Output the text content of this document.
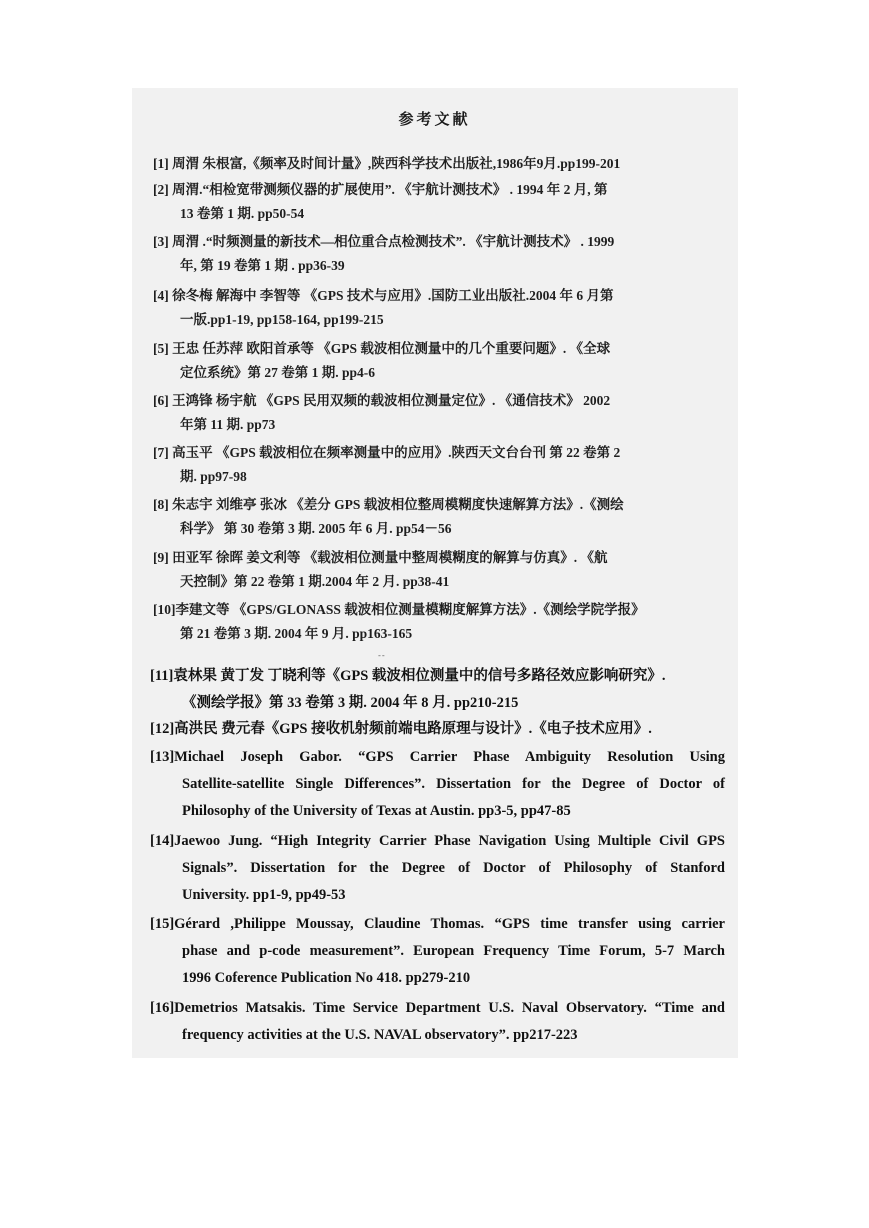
参考文献
[1] 周渭 朱根富,《频率及时间计量》,陕西科学技术出版社,1986年9月.pp199-201
[2] 周渭.“相检宽带测频仪器的扩展使用”. 《宇航计测技术》 . 1994 年 2 月, 第
13 卷第 1 期. pp50-54
[3] 周渭 .“时频测量的新技术—相位重合点检测技术”. 《宇航计测技术》 . 1999
年, 第 19 卷第 1 期 . pp36-39
[4] 徐冬梅 解海中 李智等 《GPS 技术与应用》.国防工业出版社.2004 年 6 月第
一版.pp1-19, pp158-164, pp199-215
[5] 王忠 任苏萍 欧阳首承等 《GPS 载波相位测量中的几个重要问题》. 《全球
定位系统》第 27 卷第 1 期. pp4-6
[6] 王鸿锋 杨宇航 《GPS 民用双频的载波相位测量定位》. 《通信技术》 2002
年第 11 期. pp73
[7] 高玉平 《GPS 载波相位在频率测量中的应用》.陕西天文台台刊 第 22 卷第 2
期. pp97-98
[8] 朱志宇 刘维亭 张冰 《差分 GPS 载波相位整周模糊度快速解算方法》.《测绘
科学》 第 30 卷第 3 期. 2005 年 6 月. pp54－56
[9] 田亚军 徐晖 姜文利等 《载波相位测量中整周模糊度的解算与仿真》. 《航
天控制》第 22 卷第 1 期.2004 年 2 月. pp38-41
[10]李建文等 《GPS/GLONASS 载波相位测量模糊度解算方法》.《测绘学院学报》
第 21 卷第 3 期. 2004 年 9 月. pp163-165
--
[11]袁林果 黄丁发 丁晓利等《GPS 载波相位测量中的信号多路径效应影响研究》.
《测绘学报》第 33 卷第 3 期. 2004 年 8 月. pp210-215
[12]高洪民 费元春《GPS 接收机射频前端电路原理与设计》.《电子技术应用》.
[13]Michael Joseph Gabor. “GPS Carrier Phase Ambiguity Resolution Using
Satellite-satellite Single Differences”. Dissertation for the Degree of Doctor of
Philosophy of the University of Texas at Austin. pp3-5, pp47-85
[14]Jaewoo Jung. “High Integrity Carrier Phase Navigation Using Multiple Civil GPS
Signals”. Dissertation for the Degree of Doctor of Philosophy of Stanford
University. pp1-9, pp49-53
[15]Gérard ,Philippe Moussay, Claudine Thomas. “GPS time transfer using carrier
phase and p-code measurement”. European Frequency Time Forum, 5-7 March
1996 Coference Publication No 418. pp279-210
[16]Demetrios Matsakis. Time Service Department U.S. Naval Observatory. “Time and
frequency activities at the U.S. NAVAL observatory”. pp217-223
